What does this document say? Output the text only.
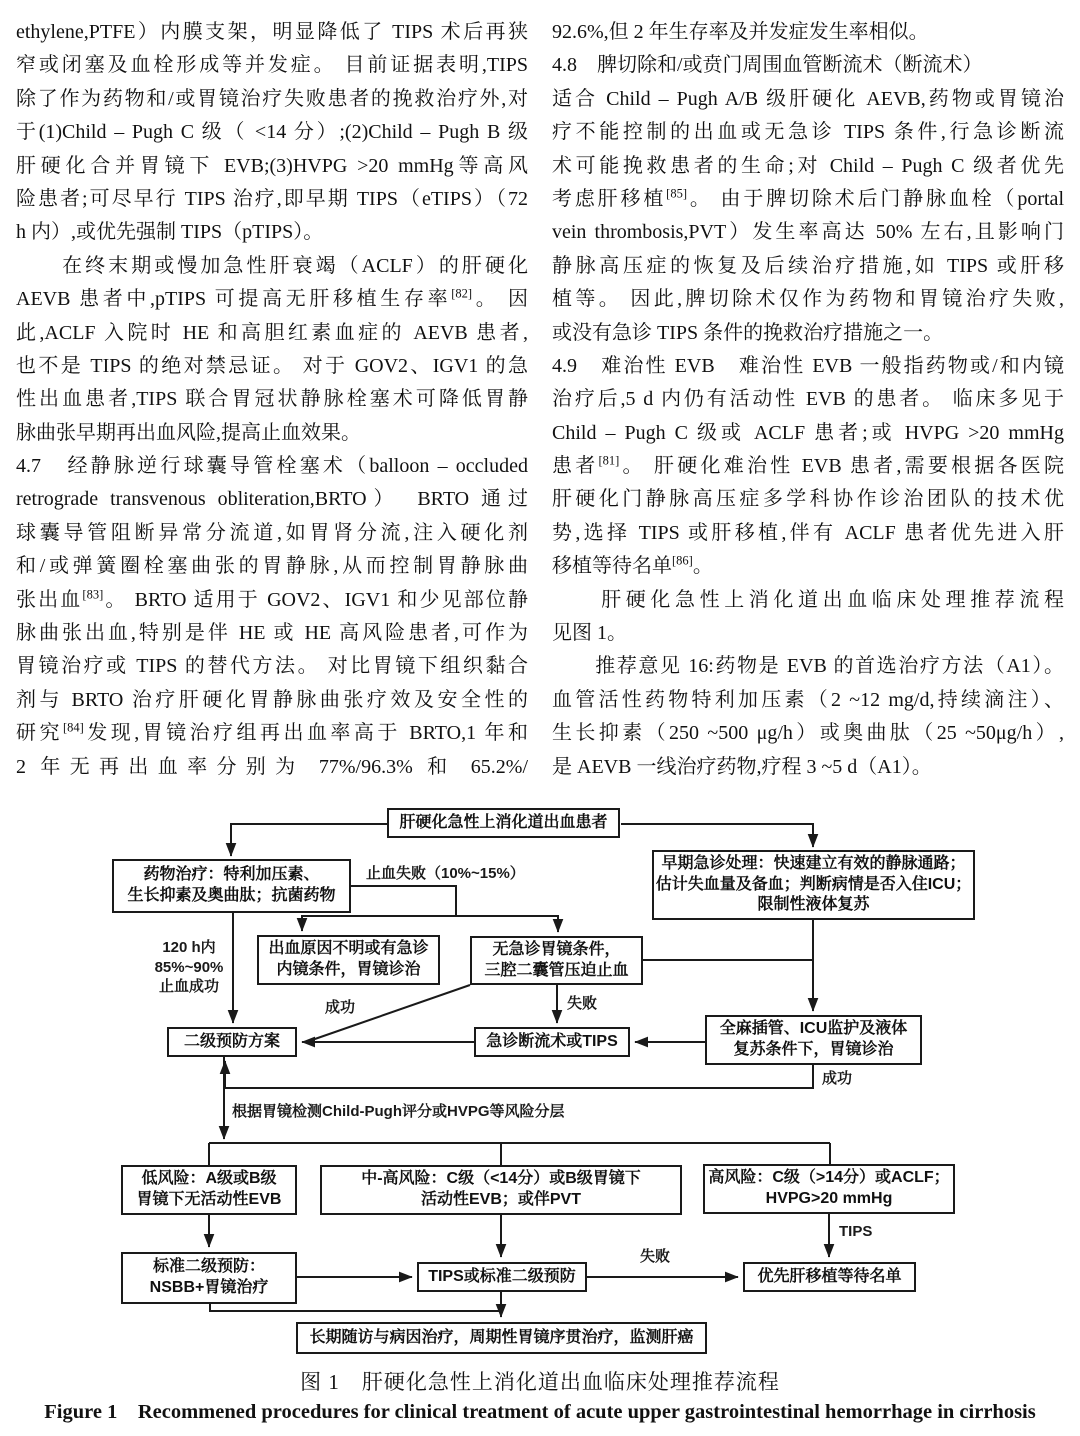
ethylene,PTFE）内膜支架，明显降低了 TIPS 术后再狭
窄或闭塞及血栓形成等并发症。 目前证据表明,TIPS
除了作为药物和/或胃镜治疗失败患者的挽救治疗外,对
于(1)Child – Pugh C 级（ <14 分）;(2)Child – Pugh B 级
肝硬化合并胃镜下 EVB;(3)HVPG >20 mmHg等高风
险患者;可尽早行 TIPS 治疗,即早期 TIPS（eTIPS）（72
h 内）,或优先强制 TIPS（pTIPS）。
　　在终末期或慢加急性肝衰竭（ACLF）的肝硬化
AEVB 患者中,pTIPS 可提高无肝移植生存率[82]。 因
此,ACLF 入院时 HE 和高胆红素血症的 AEVB 患者,
也不是 TIPS 的绝对禁忌证。 对于 GOV2、IGV1 的急
性出血患者,TIPS 联合胃冠状静脉栓塞术可降低胃静
脉曲张早期再出血风险,提高止血效果。
4.7　经静脉逆行球囊导管栓塞术（balloon – occluded
retrograde transvenous obliteration,BRTO）　BRTO 通过
球囊导管阻断异常分流道,如胃肾分流,注入硬化剂
和/或弹簧圈栓塞曲张的胃静脉,从而控制胃静脉曲
张出血[83]。 BRTO 适用于 GOV2、IGV1 和少见部位静
脉曲张出血,特别是伴 HE 或 HE 高风险患者,可作为
胃镜治疗或 TIPS 的替代方法。 对比胃镜下组织黏合
剂与 BRTO 治疗肝硬化胃静脉曲张疗效及安全性的
研究[84]发现,胃镜治疗组再出血率高于 BRTO,1 年和
2 年无再出血率分别为 77%/96.3% 和 65.2%/
92.6%,但 2 年生存率及并发症发生率相似。
4.8　脾切除和/或贲门周围血管断流术（断流术）
适合 Child – Pugh A/B 级肝硬化 AEVB,药物或胃镜治
疗不能控制的出血或无急诊 TIPS 条件,行急诊断流
术可能挽救患者的生命;对 Child – Pugh C 级者优先
考虑肝移植[85]。 由于脾切除术后门静脉血栓（portal
vein thrombosis,PVT）发生率高达 50% 左右,且影响门
静脉高压症的恢复及后续治疗措施,如 TIPS 或肝移
植等。 因此,脾切除术仅作为药物和胃镜治疗失败,
或没有急诊 TIPS 条件的挽救治疗措施之一。
4.9　难治性 EVB　难治性 EVB 一般指药物或/和内镜
治疗后,5 d 内仍有活动性 EVB 的患者。 临床多见于
Child – Pugh C 级或 ACLF 患者;或 HVPG >20 mmHg
患者[81]。 肝硬化难治性 EVB 患者,需要根据各医院
肝硬化门静脉高压症多学科协作诊治团队的技术优
势,选择 TIPS 或肝移植,伴有 ACLF 患者优先进入肝
移植等待名单[86]。
　　肝硬化急性上消化道出血临床处理推荐流程
见图 1。
　　推荐意见 16:药物是 EVB 的首选治疗方法（A1）。
血管活性药物特利加压素（2 ~12 mg/d,持续滴注）、
生长抑素（250 ~500 μg/h）或奥曲肽（25 ~50μg/h）,
是 AEVB 一线治疗药物,疗程 3 ~5 d（A1）。
肝硬化急性上消化道出血患者
药物治疗：特利加压素、
生长抑素及奥曲肽；抗菌药物
出血原因不明或有急诊
内镜条件，胃镜诊治
无急诊胃镜条件，
三腔二囊管压迫止血
早期急诊处理：快速建立有效的静脉通路；
估计失血量及备血；判断病情是否入住ICU；
限制性液体复苏
二级预防方案	急诊断流术或TIPS
全麻插管、ICU监护及液体
复苏条件下，胃镜诊治
低风险：A级或B级
胃镜下无活动性EVB
中-高风险：C级（<14分）或B级胃镜下
活动性EVB；或伴PVT
高风险：C级（>14分）或ACLF；
HVPG>20 mmHg
标准二级预防：
NSBB+胃镜治疗
TIPS或标准二级预防	优先肝移植等待名单
长期随访与病因治疗，周期性胃镜序贯治疗，监测肝癌
止血失败（10%~15%）
120 h内
85%~90%
止血成功
成功	失败
成功
根据胃镜检测Child-Pugh评分或HVPG等风险分层
TIPS
失败
图 1　肝硬化急性上消化道出血临床处理推荐流程
Figure 1　Recommened procedures for clinical treatment of acute upper gastrointestinal hemorrhage in cirrhosis
